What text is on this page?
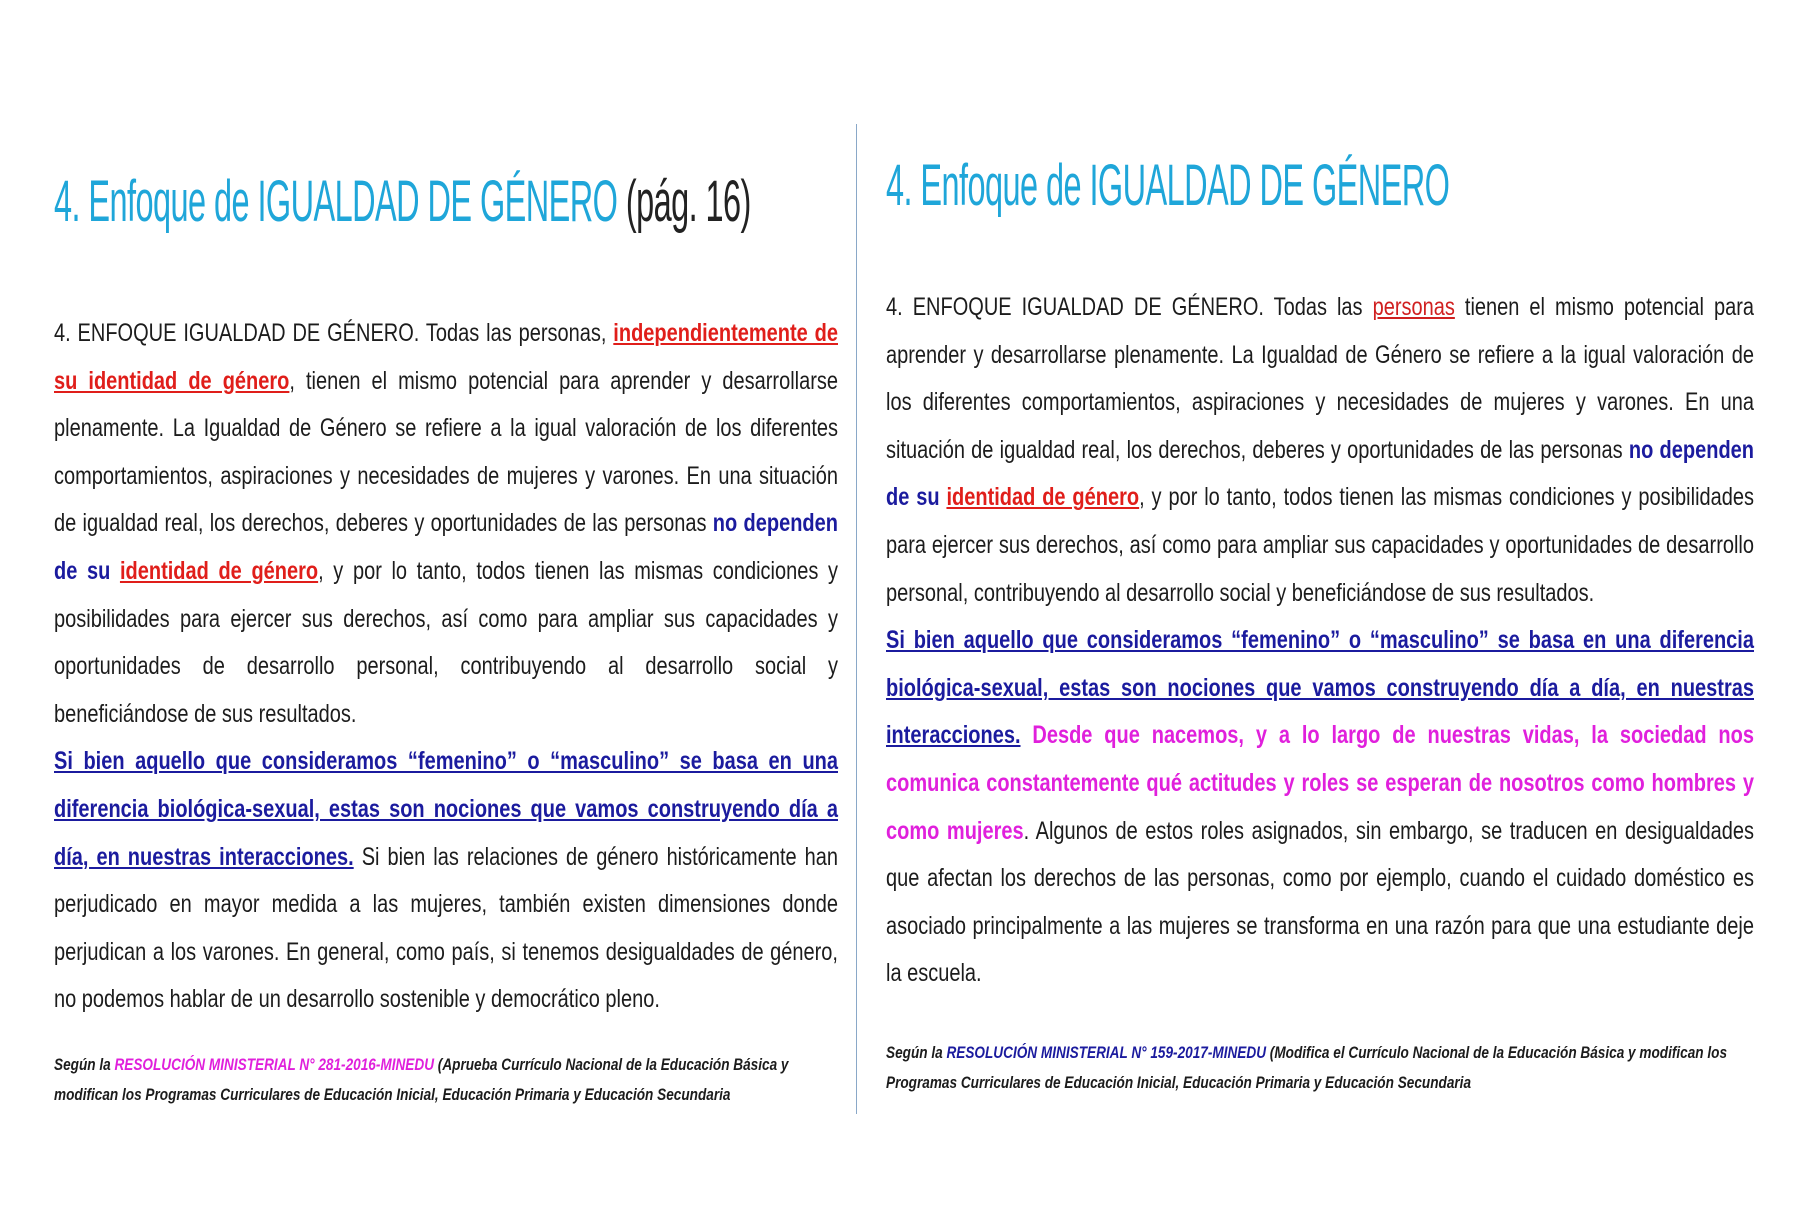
4. Enfoque de IGUALDAD DE GÉNERO (pág. 16)
4. ENFOQUE IGUALDAD DE GÉNERO. Todas las personas, independientemente de su identidad de género, tienen el mismo potencial para aprender y desarrollarse plenamente. La Igualdad de Género se refiere a la igual valoración de los diferentes comportamientos, aspiraciones y necesidades de mujeres y varones. En una situación de igualdad real, los derechos, deberes y oportunidades de las personas no dependen de su identidad de género, y por lo tanto, todos tienen las mismas condiciones y posibilidades para ejercer sus derechos, así como para ampliar sus capacidades y oportunidades de desarrollo personal, contribuyendo al desarrollo social y beneficiándose de sus resultados.
Si bien aquello que consideramos “femenino” o “masculino” se basa en una diferencia biológica-sexual, estas son nociones que vamos construyendo día a día, en nuestras interacciones. Si bien las relaciones de género históricamente han perjudicado en mayor medida a las mujeres, también existen dimensiones donde perjudican a los varones. En general, como país, si tenemos desigualdades de género, no podemos hablar de un desarrollo sostenible y democrático pleno.
Según la RESOLUCIÓN MINISTERIAL N° 281-2016-MINEDU (Aprueba Currículo Nacional de la Educación Básica y modifican los Programas Curriculares de Educación Inicial, Educación Primaria y Educación Secundaria
4. Enfoque de IGUALDAD DE GÉNERO
4. ENFOQUE IGUALDAD DE GÉNERO. Todas las personas tienen el mismo potencial para aprender y desarrollarse plenamente. La Igualdad de Género se refiere a la igual valoración de los diferentes comportamientos, aspiraciones y necesidades de mujeres y varones. En una situación de igualdad real, los derechos, deberes y oportunidades de las personas no dependen de su identidad de género, y por lo tanto, todos tienen las mismas condiciones y posibilidades para ejercer sus derechos, así como para ampliar sus capacidades y oportunidades de desarrollo personal, contribuyendo al desarrollo social y beneficiándose de sus resultados.
Si bien aquello que consideramos “femenino” o “masculino” se basa en una diferencia biológica-sexual, estas son nociones que vamos construyendo día a día, en nuestras interacciones. Desde que nacemos, y a lo largo de nuestras vidas, la sociedad nos comunica constantemente qué actitudes y roles se esperan de nosotros como hombres y como mujeres. Algunos de estos roles asignados, sin embargo, se traducen en desigualdades que afectan los derechos de las personas, como por ejemplo, cuando el cuidado doméstico es asociado principalmente a las mujeres se transforma en una razón para que una estudiante deje la escuela.
Según la RESOLUCIÓN MINISTERIAL N° 159-2017-MINEDU (Modifica el Currículo Nacional de la Educación Básica y modifican los Programas Curriculares de Educación Inicial, Educación Primaria y Educación Secundaria
